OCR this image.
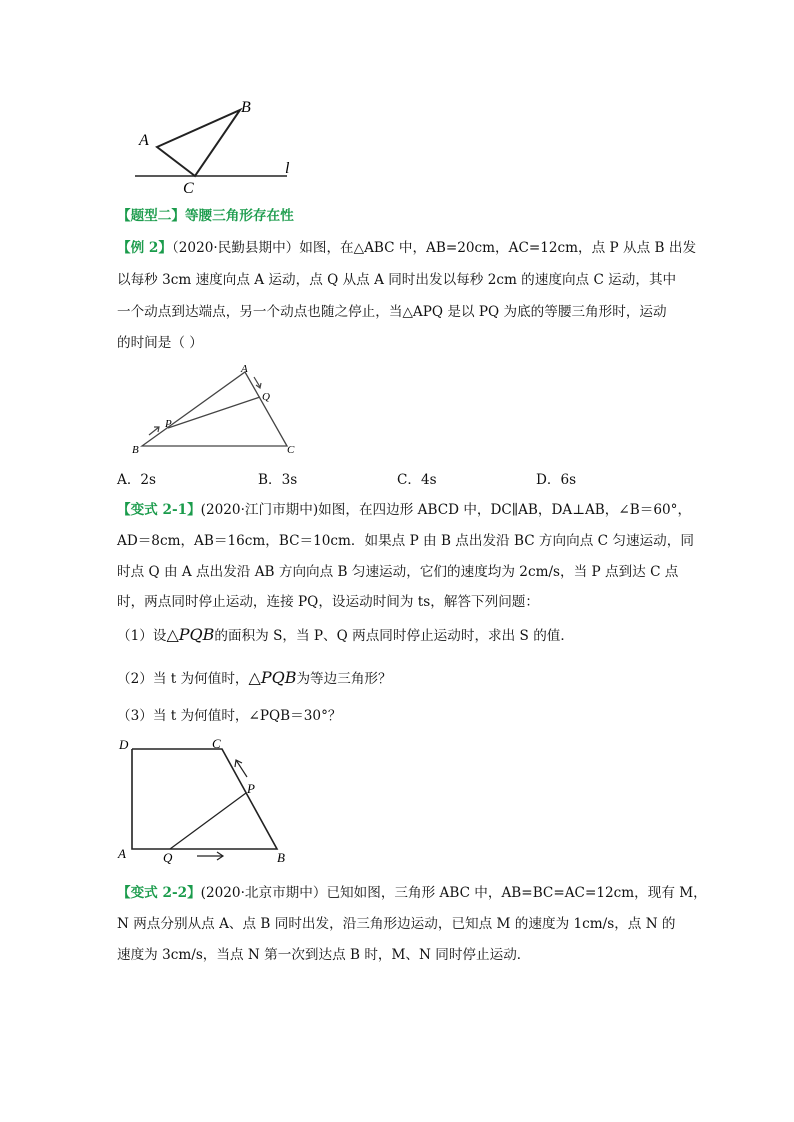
A
B
C
l
【题型二】等腰三角形存在性
【例 2】（2020·民勤县期中）如图，在△ABC 中，AB=20cm，AC=12cm，点 P 从点 B 出发
以每秒 3cm 速度向点 A 运动，点 Q 从点 A 同时出发以每秒 2cm 的速度向点 C 运动，其中
一个动点到达端点，另一个动点也随之停止，当△APQ 是以 PQ 为底的等腰三角形时，运动
的时间是（ ）
A
Q
P
B	C
A．2s	B．3s	C．4s	D．6s
【变式 2-1】(2020·江门市期中)如图，在四边形 ABCD 中，DC∥AB，DA⊥AB，∠B＝60°，
AD＝8cm，AB＝16cm，BC＝10cm．如果点 P 由 B 点出发沿 BC 方向向点 C 匀速运动，同
时点 Q 由 A 点出发沿 AB 方向向点 B 匀速运动，它们的速度均为 2cm/s，当 P 点到达 C 点
时，两点同时停止运动，连接 PQ，设运动时间为 ts，解答下列问题：
（1）设△PQB的面积为 S，当 P、Q 两点同时停止运动时，求出 S 的值．
（2）当 t 为何值时，△PQB为等边三角形？
（3）当 t 为何值时，∠PQB＝30°？
D	C
P
A	Q	B
【变式 2-2】(2020·北京市期中）已知如图，三角形 ABC 中，AB=BC=AC=12cm，现有 M，
N 两点分别从点 A、点 B 同时出发，沿三角形边运动，已知点 M 的速度为 1cm/s，点 N 的
速度为 3cm/s，当点 N 第一次到达点 B 时，M、N 同时停止运动．
